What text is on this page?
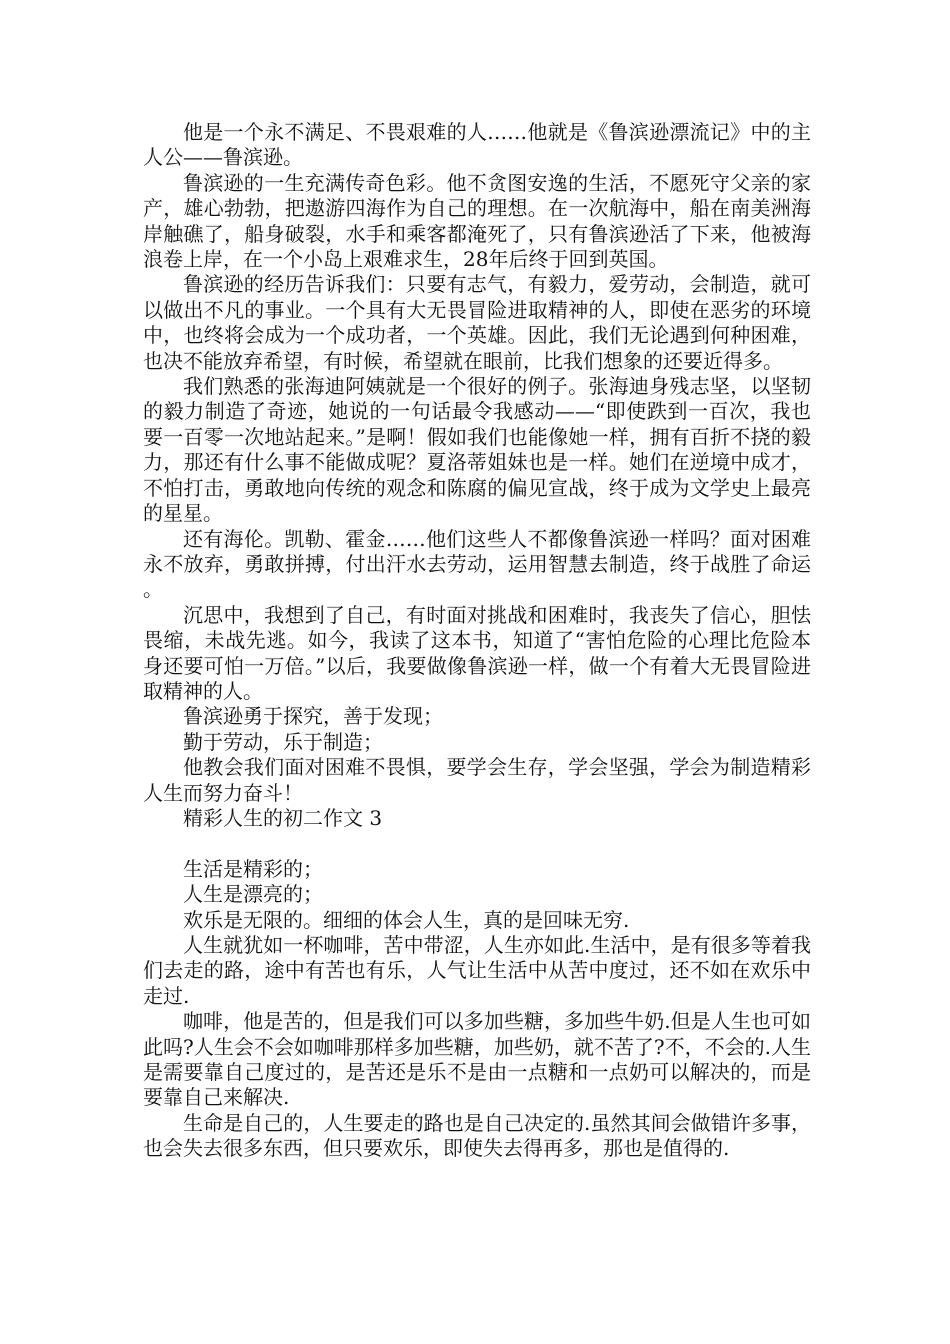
他是一个永不满足、不畏艰难的人……他就是《鲁滨逊漂流记》中的主人公——鲁滨逊。

鲁滨逊的一生充满传奇色彩。他不贪图安逸的生活，不愿死守父亲的家产，雄心勃勃，把遨游四海作为自己的理想。在一次航海中，船在南美洲海岸触礁了，船身破裂，水手和乘客都淹死了，只有鲁滨逊活了下来，他被海浪卷上岸，在一个小岛上艰难求生，28年后终于回到英国。

鲁滨逊的经历告诉我们：只要有志气，有毅力，爱劳动，会制造，就可以做出不凡的事业。一个具有大无畏冒险进取精神的人，即使在恶劣的环境中，也终将会成为一个成功者，一个英雄。因此，我们无论遇到何种困难，也决不能放弃希望，有时候，希望就在眼前，比我们想象的还要近得多。

我们熟悉的张海迪阿姨就是一个很好的例子。张海迪身残志坚，以坚韧的毅力制造了奇迹，她说的一句话最令我感动——“即使跌到一百次，我也要一百零一次地站起来。”是啊！假如我们也能像她一样，拥有百折不挠的毅力，那还有什么事不能做成呢？夏洛蒂姐妹也是一样。她们在逆境中成才，不怕打击，勇敢地向传统的观念和陈腐的偏见宣战，终于成为文学史上最亮的星星。

还有海伦。凯勒、霍金……他们这些人不都像鲁滨逊一样吗？面对困难永不放弃，勇敢拼搏，付出汗水去劳动，运用智慧去制造，终于战胜了命运。

沉思中，我想到了自己，有时面对挑战和困难时，我丧失了信心，胆怯畏缩，未战先逃。如今，我读了这本书，知道了“害怕危险的心理比危险本身还要可怕一万倍。”以后，我要做像鲁滨逊一样，做一个有着大无畏冒险进取精神的人。

鲁滨逊勇于探究，善于发现；

勤于劳动，乐于制造；

他教会我们面对困难不畏惧，要学会生存，学会坚强，学会为制造精彩人生而努力奋斗！

精彩人生的初二作文 3

生活是精彩的；

人生是漂亮的；

欢乐是无限的。细细的体会人生，真的是回味无穷.

人生就犹如一杯咖啡，苦中带涩，人生亦如此.生活中，是有很多等着我们去走的路，途中有苦也有乐，人气让生活中从苦中度过，还不如在欢乐中走过.

咖啡，他是苦的，但是我们可以多加些糖，多加些牛奶.但是人生也可如此吗?人生会不会如咖啡那样多加些糖，加些奶，就不苦了?不，不会的.人生是需要靠自己度过的，是苦还是乐不是由一点糖和一点奶可以解决的，而是要靠自己来解决.

生命是自己的，人生要走的路也是自己决定的.虽然其间会做错许多事，也会失去很多东西，但只要欢乐，即使失去得再多，那也是值得的.
